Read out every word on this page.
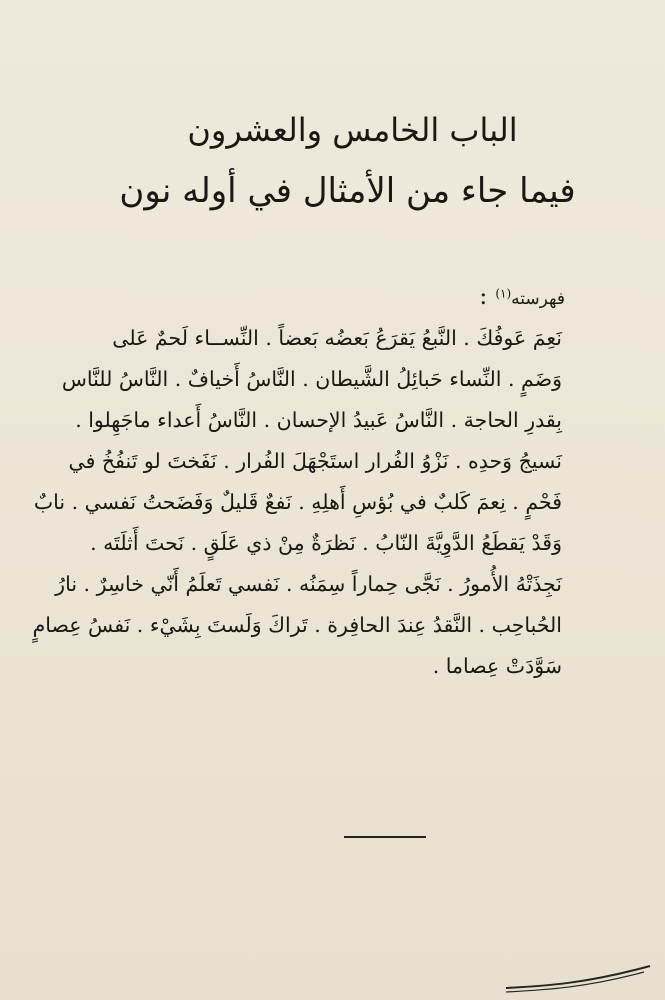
الباب الخامس والعشرون
فيما جاء من الأمثال في أوله نون
فهرسته$^{(١)}$:

نَعِمَ عَوفُكَ . النَّبعُ يَقرَعُ بَعضُه بَعضاً . النِّســاء لَحمٌ عَلى

وَضَمٍ . النِّساء حَبائِلُ الشَّيطان . النَّاسُ أَخيافٌ . النَّاسُ للنَّاس

بِقدرِ الحاجة . النَّاسُ عَبيدُ الإحسان . النَّاسُ أَعداء ماجَهِلوا .

نَسيجُ وَحدِه . نَزْوُ الفُرار استَجْهَلَ الفُرار . نَفَختَ لو تَنفُخُ في

فَحْمٍ . نِعمَ كَلبٌ في بُؤسِ أَهلِهِ . نَفعٌ قَليلٌ وَفَضَحتُ نَفسي . نابٌ

وَقَدْ يَقطَعُ الدَّوِيَّةَ النّابُ . نَظرَةٌ مِنْ ذي عَلَقٍ . نَحتَ أَثلَتَه .

نَجِذَتْهُ الأُمورُ . نَجَّى حِماراً سِمَنُه . نَفسي تَعلَمُ أَنّي خاسِرٌ . نارُ

الحُباحِب . النَّقدُ عِندَ الحافِرة . تَراكَ وَلَستَ بِشَيْء . نَفسُ عِصامٍ

سَوَّدَتْ عِصاما .
